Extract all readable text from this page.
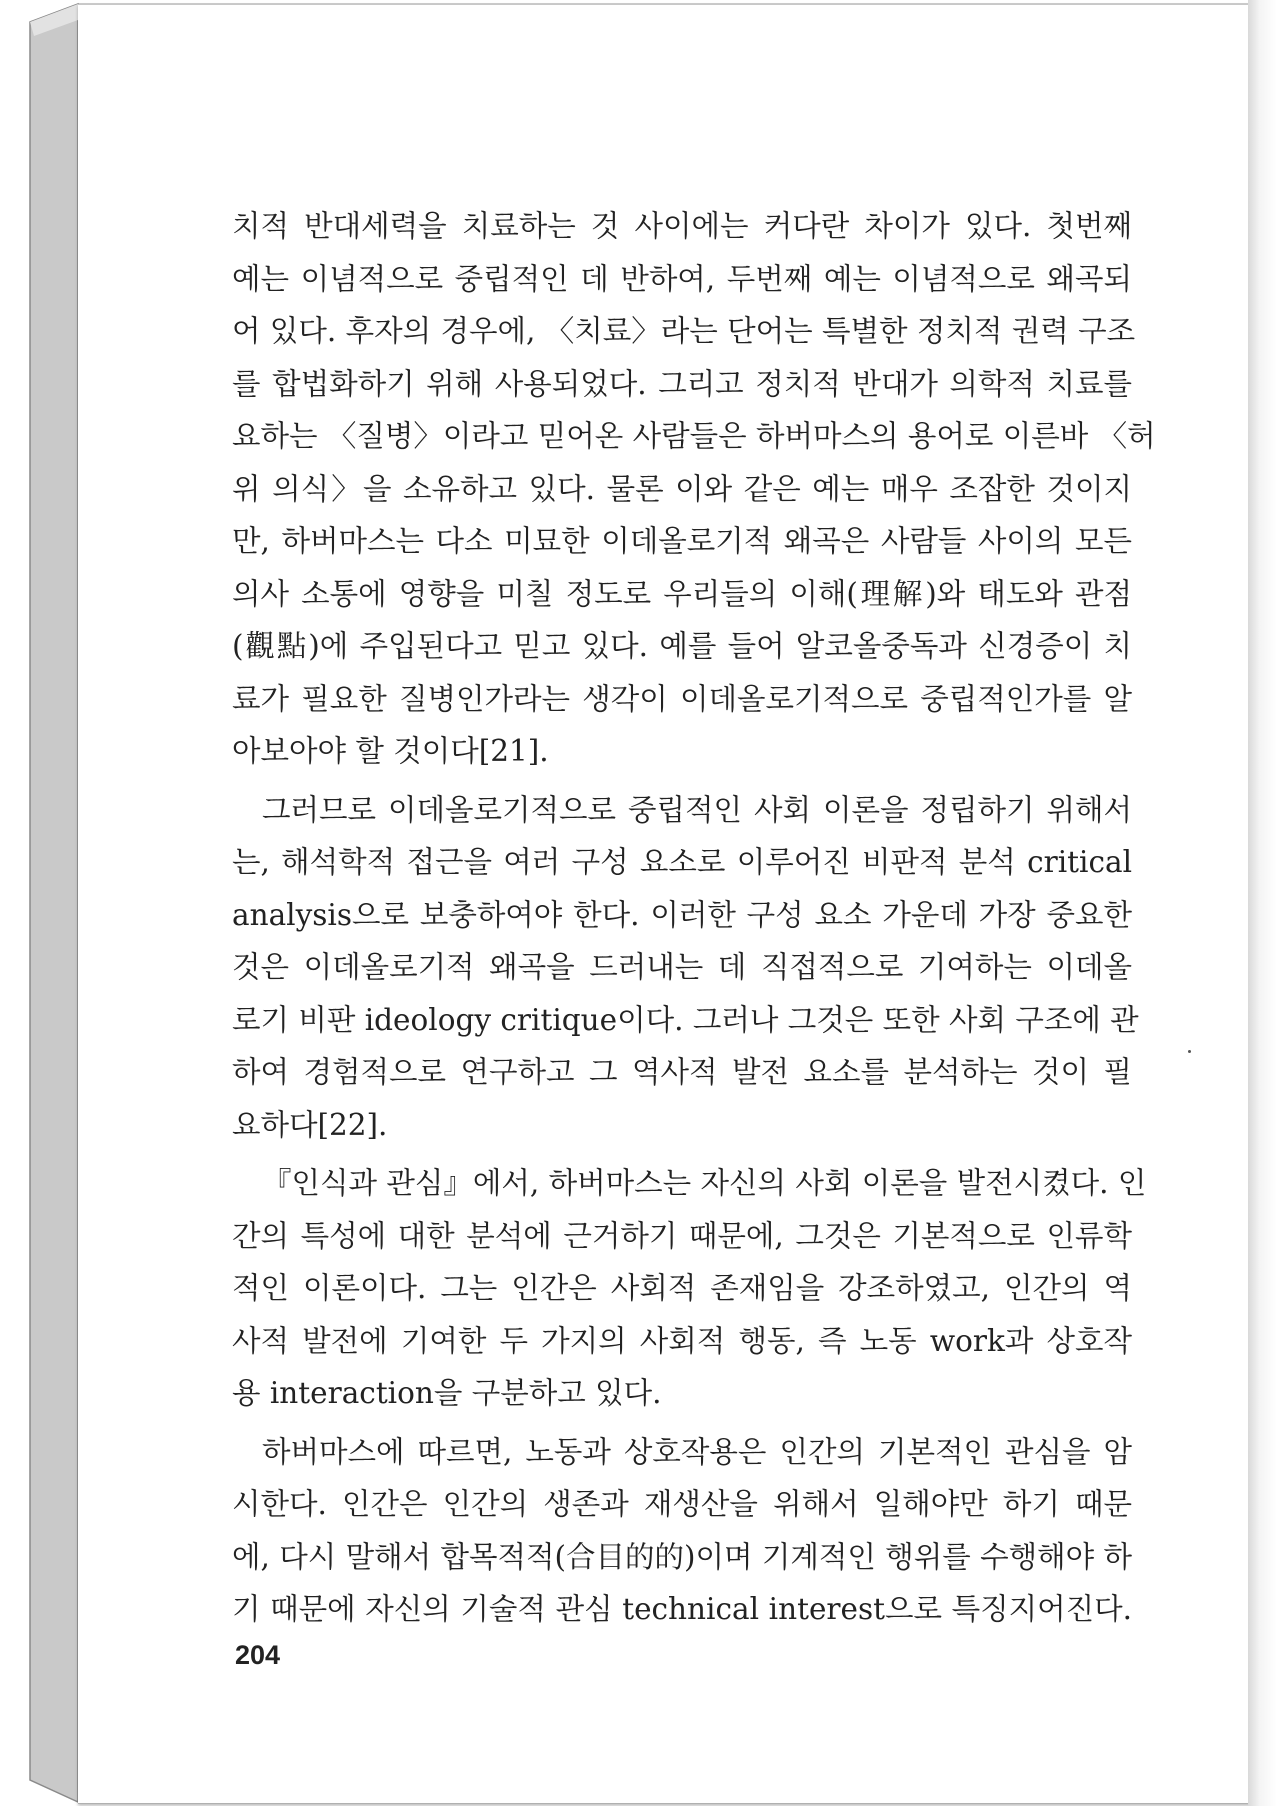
치적 반대세력을 치료하는 것 사이에는 커다란 차이가 있다. 첫번째
예는 이념적으로 중립적인 데 반하여, 두번째 예는 이념적으로 왜곡되
어 있다. 후자의 경우에, 〈치료〉라는 단어는 특별한 정치적 권력 구조
를 합법화하기 위해 사용되었다. 그리고 정치적 반대가 의학적 치료를
요하는 〈질병〉이라고 믿어온 사람들은 하버마스의 용어로 이른바 〈허
위 의식〉을 소유하고 있다. 물론 이와 같은 예는 매우 조잡한 것이지
만, 하버마스는 다소 미묘한 이데올로기적 왜곡은 사람들 사이의 모든
의사 소통에 영향을 미칠 정도로 우리들의 이해(理解)와 태도와 관점
(觀點)에 주입된다고 믿고 있다. 예를 들어 알코올중독과 신경증이 치
료가 필요한 질병인가라는 생각이 이데올로기적으로 중립적인가를 알
아보아야 할 것이다[21].
그러므로 이데올로기적으로 중립적인 사회 이론을 정립하기 위해서
는, 해석학적 접근을 여러 구성 요소로 이루어진 비판적 분석 critical
analysis으로 보충하여야 한다. 이러한 구성 요소 가운데 가장 중요한
것은 이데올로기적 왜곡을 드러내는 데 직접적으로 기여하는 이데올
로기 비판 ideology critique이다. 그러나 그것은 또한 사회 구조에 관
하여 경험적으로 연구하고 그 역사적 발전 요소를 분석하는 것이 필
요하다[22].
『인식과 관심』에서, 하버마스는 자신의 사회 이론을 발전시켰다. 인
간의 특성에 대한 분석에 근거하기 때문에, 그것은 기본적으로 인류학
적인 이론이다. 그는 인간은 사회적 존재임을 강조하였고, 인간의 역
사적 발전에 기여한 두 가지의 사회적 행동, 즉 노동 work과 상호작
용 interaction을 구분하고 있다.
하버마스에 따르면, 노동과 상호작용은 인간의 기본적인 관심을 암
시한다. 인간은 인간의 생존과 재생산을 위해서 일해야만 하기 때문
에, 다시 말해서 합목적적(合目的的)이며 기계적인 행위를 수행해야 하
기 때문에 자신의 기술적 관심 technical interest으로 특징지어진다.
204
